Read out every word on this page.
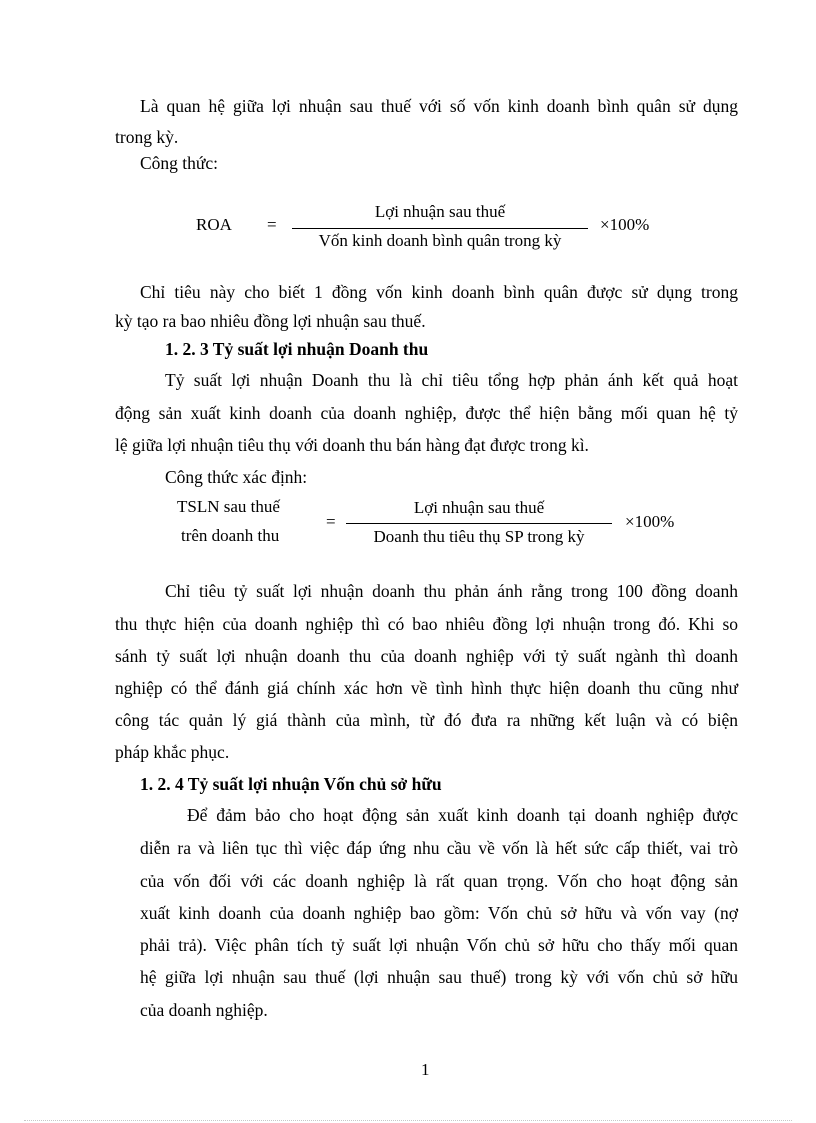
Là quan hệ giữa lợi nhuận sau thuế với số vốn kinh doanh bình quân sử dụng
trong kỳ.
Công thức:
ROA =
Lợi nhuận sau thuế
Vốn kinh doanh bình quân trong kỳ
×100%
Chỉ tiêu này cho biết 1 đồng vốn kinh doanh bình quân được sử dụng trong
kỳ tạo ra bao nhiêu đồng lợi nhuận sau thuế.
1. 2. 3 Tỷ suất lợi nhuận Doanh thu
Tỷ suất lợi nhuận Doanh thu là chỉ tiêu tổng hợp phản ánh kết quả hoạt
động sản xuất kinh doanh của doanh nghiệp, được thể hiện bằng mối quan hệ tỷ
lệ giữa lợi nhuận tiêu thụ với doanh thu bán hàng đạt được trong kì.
Công thức xác định:
TSLN sau thuế
trên doanh thu
=
Lợi nhuận sau thuế
Doanh thu tiêu thụ SP trong kỳ
×100%
Chỉ tiêu tỷ suất lợi nhuận doanh thu phản ánh rằng trong 100 đồng doanh
thu thực hiện của doanh nghiệp thì có bao nhiêu đồng lợi nhuận trong đó. Khi so
sánh tỷ suất lợi nhuận doanh thu của doanh nghiệp với tỷ suất ngành thì doanh
nghiệp có thể đánh giá chính xác hơn về tình hình thực hiện doanh thu cũng như
công tác quản lý giá thành của mình, từ đó đưa ra những kết luận và có biện
pháp khắc phục.
1. 2. 4 Tỷ suất lợi nhuận Vốn chủ sở hữu
Để đảm bảo cho hoạt động sản xuất kinh doanh tại doanh nghiệp được
diễn ra và liên tục thì việc đáp ứng nhu cầu về vốn là hết sức cấp thiết, vai trò
của vốn đối với các doanh nghiệp là rất quan trọng. Vốn cho hoạt động sản
xuất kinh doanh của doanh nghiệp bao gồm: Vốn chủ sở hữu và vốn vay (nợ
phải trả). Việc phân tích tỷ suất lợi nhuận Vốn chủ sở hữu cho thấy mối quan
hệ giữa lợi nhuận sau thuế (lợi nhuận sau thuế) trong kỳ với vốn chủ sở hữu
của doanh nghiệp.
1
